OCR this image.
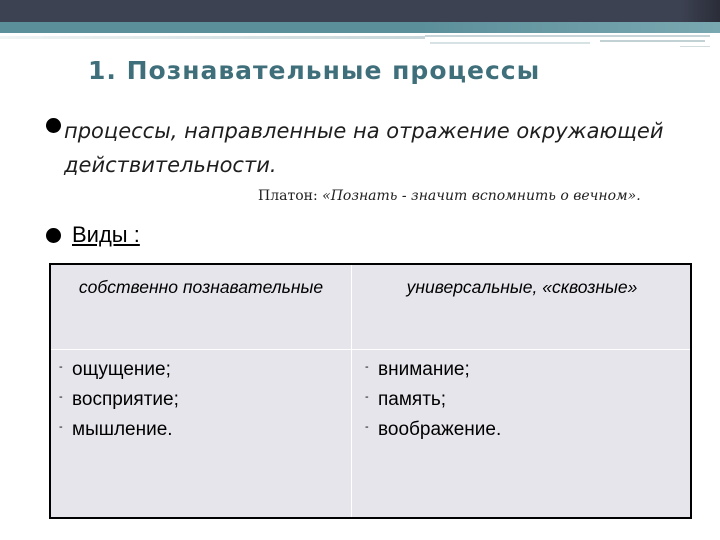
1. Познавательные процессы
процессы, направленные на отражение окружающей действительности.
Платон: «Познать - значит вспомнить о вечном».
Виды :
собственно познавательные	универсальные, «сквозные»
- ощущение;
- восприятие;
- мышление.
- внимание;
- память;
- воображение.
